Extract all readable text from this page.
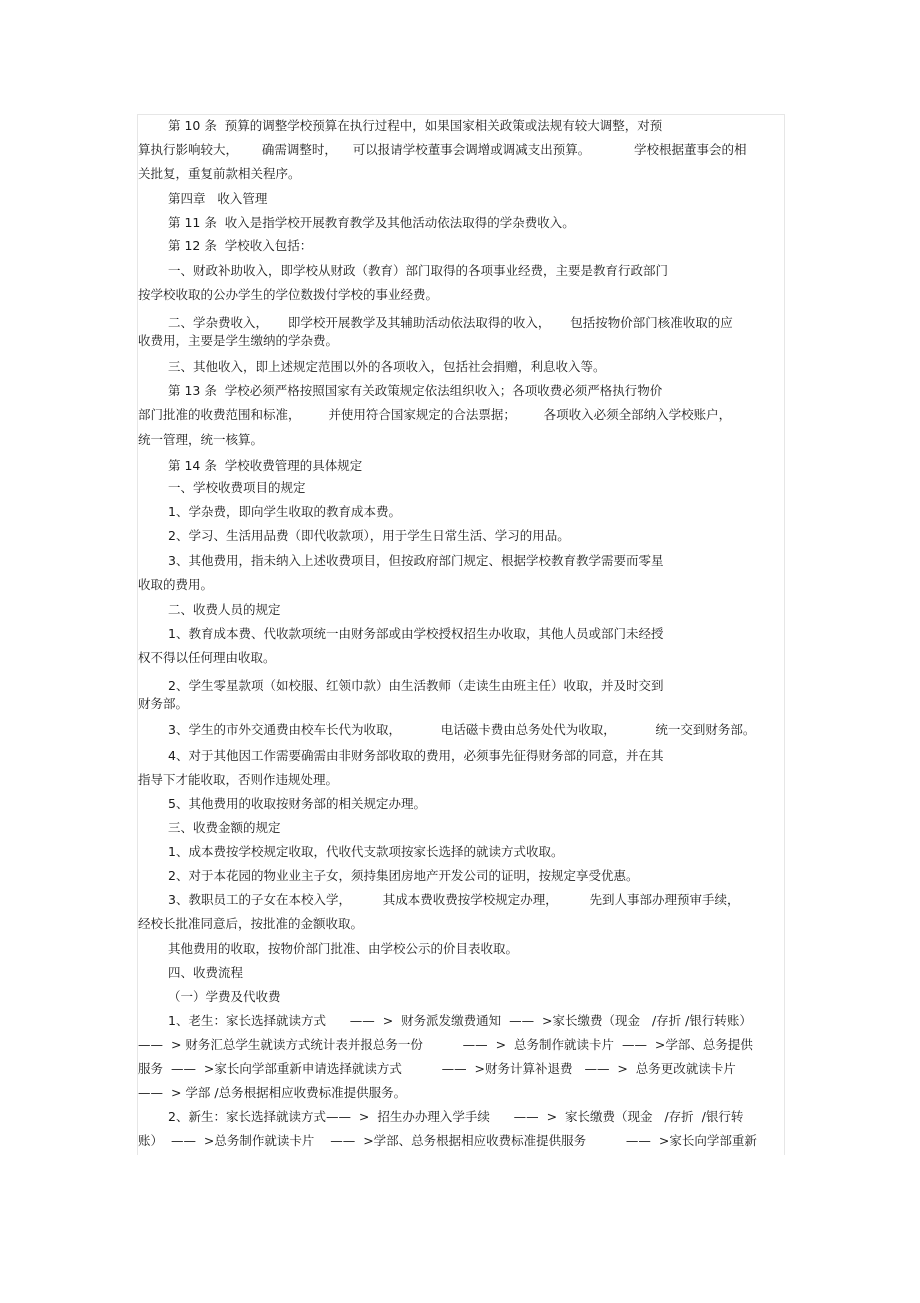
第 10 条  预算的调整学校预算在执行过程中，如果国家相关政策或法规有较大调整，对预
算执行影响较大，      确需调整时，    可以报请学校董事会调增或调减支出预算。           学校根据董事会的相
关批复，重复前款相关程序。
第四章   收入管理
第 11 条  收入是指学校开展教育教学及其他活动依法取得的学杂费收入。
第 12 条  学校收入包括：
一、财政补助收入，即学校从财政（教育）部门取得的各项事业经费，主要是教育行政部门
按学校收取的公办学生的学位数拨付学校的事业经费。
二、学杂费收入，     即学校开展教学及其辅助活动依法取得的收入，     包括按物价部门核准收取的应
收费用，主要是学生缴纳的学杂费。
三、其他收入，即上述规定范围以外的各项收入，包括社会捐赠，利息收入等。
第 13 条  学校必须严格按照国家有关政策规定依法组织收入；各项收费必须严格执行物价
部门批准的收费范围和标准，       并使用符合国家规定的合法票据；       各项收入必须全部纳入学校账户，
统一管理，统一核算。
第 14 条  学校收费管理的具体规定
一、学校收费项目的规定
1、学杂费，即向学生收取的教育成本费。
2、学习、生活用品费（即代收款项），用于学生日常生活、学习的用品。
3、其他费用，指未纳入上述收费项目，但按政府部门规定、根据学校教育教学需要而零星
收取的费用。
二、收费人员的规定
1、教育成本费、代收款项统一由财务部或由学校授权招生办收取，其他人员或部门未经授
权不得以任何理由收取。
2、学生零星款项（如校服、红领巾款）由生活教师（走读生由班主任）收取，并及时交到
财务部。
3、学生的市外交通费由校车长代为收取，          电话磁卡费由总务处代为收取，          统一交到财务部。
4、对于其他因工作需要确需由非财务部收取的费用，必须事先征得财务部的同意，并在其
指导下才能收取，否则作违规处理。
5、其他费用的收取按财务部的相关规定办理。
三、收费金额的规定
1、成本费按学校规定收取，代收代支款项按家长选择的就读方式收取。
2、对于本花园的物业业主子女，须持集团房地产开发公司的证明，按规定享受优惠。
3、教职员工的子女在本校入学，        其成本费收费按学校规定办理，        先到人事部办理预审手续，
经校长批准同意后，按批准的金额收取。
其他费用的收取，按物价部门批准、由学校公示的价目表收取。
四、收费流程
（一）学费及代收费
1、老生：家长选择就读方式      ——  >  财务派发缴费通知  ——  >家长缴费（现金   /存折 /银行转账）
——  > 财务汇总学生就读方式统计表并报总务一份          ——  >  总务制作就读卡片  ——  >学部、总务提供
服务  ——  >家长向学部重新申请选择就读方式          ——  >财务计算补退费   ——  >  总务更改就读卡片
——  > 学部 /总务根据相应收费标准提供服务。
2、新生：家长选择就读方式——  >  招生办办理入学手续      ——  >  家长缴费（现金   /存折  /银行转
账）  ——  >总务制作就读卡片    ——  >学部、总务根据相应收费标准提供服务          ——  >家长向学部重新
